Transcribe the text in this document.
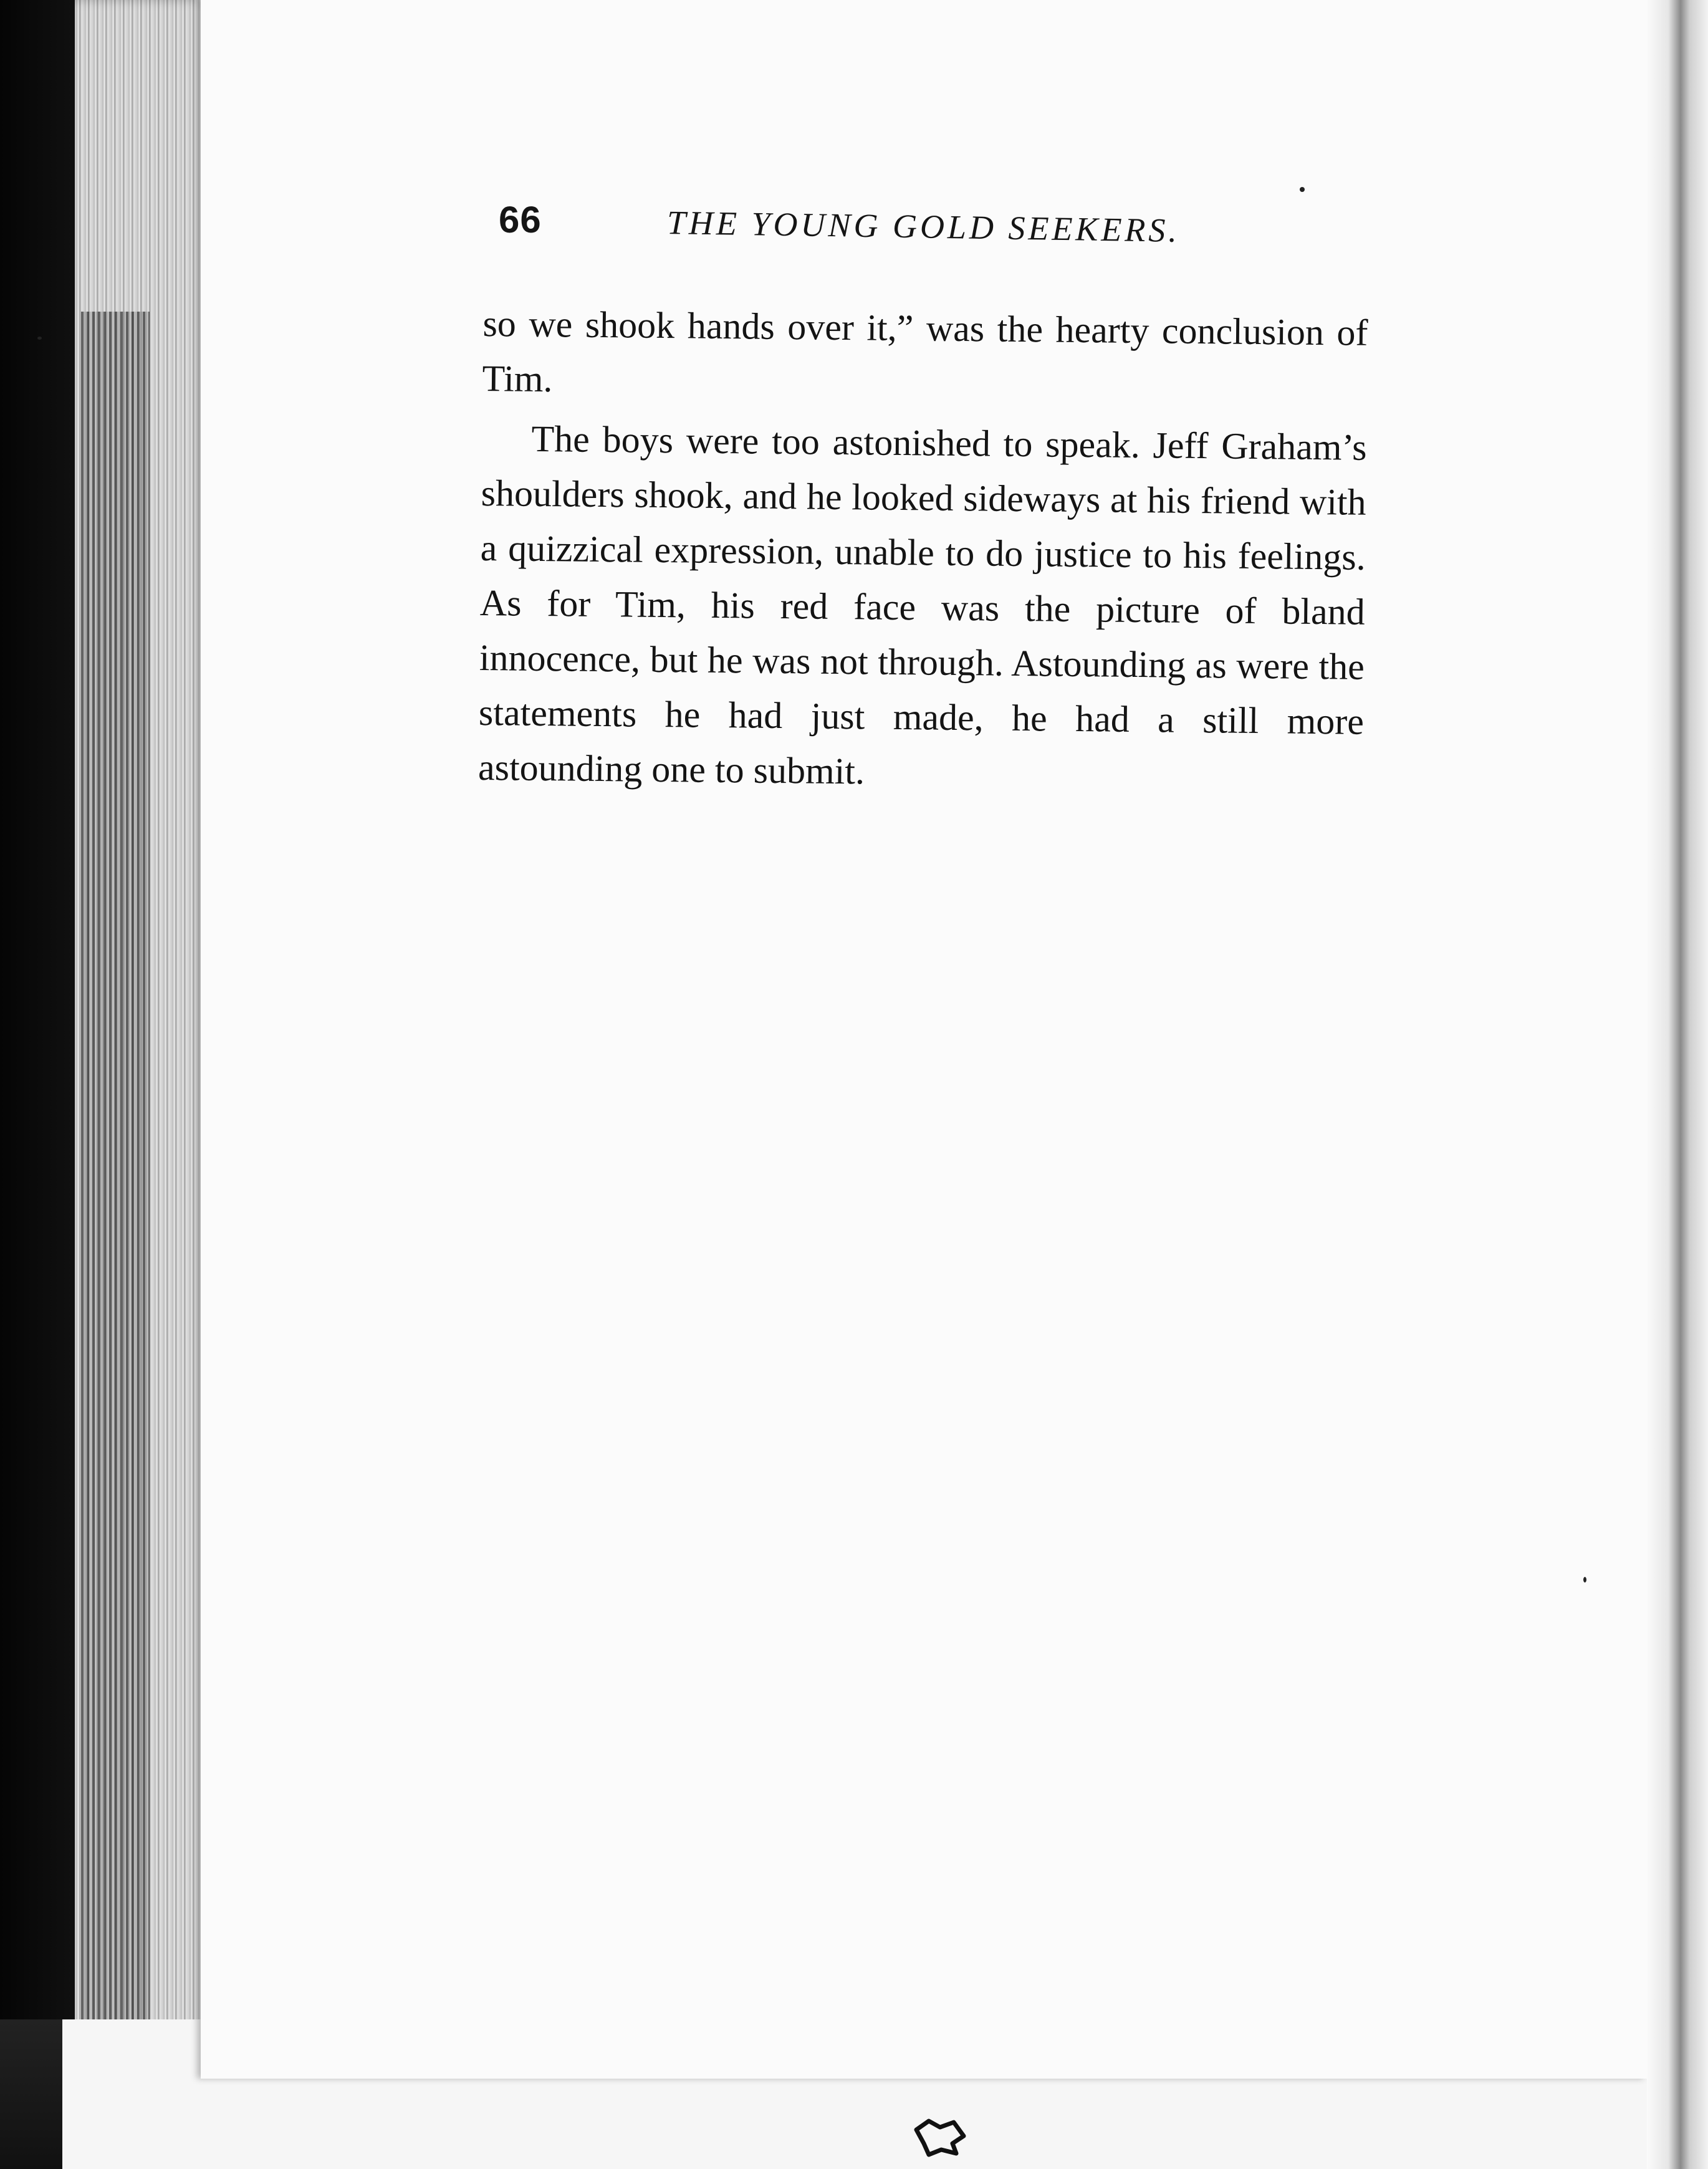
66	THE YOUNG GOLD SEEKERS.

so we shook hands over it,” was the hearty conclusion of Tim.

The boys were too astonished to speak. Jeff Graham’s shoulders shook, and he looked sideways at his friend with a quizzical expression, unable to do justice to his feelings. As for Tim, his red face was the picture of bland innocence, but he was not through. Astounding as were the statements he had just made, he had a still more astounding one to submit.
